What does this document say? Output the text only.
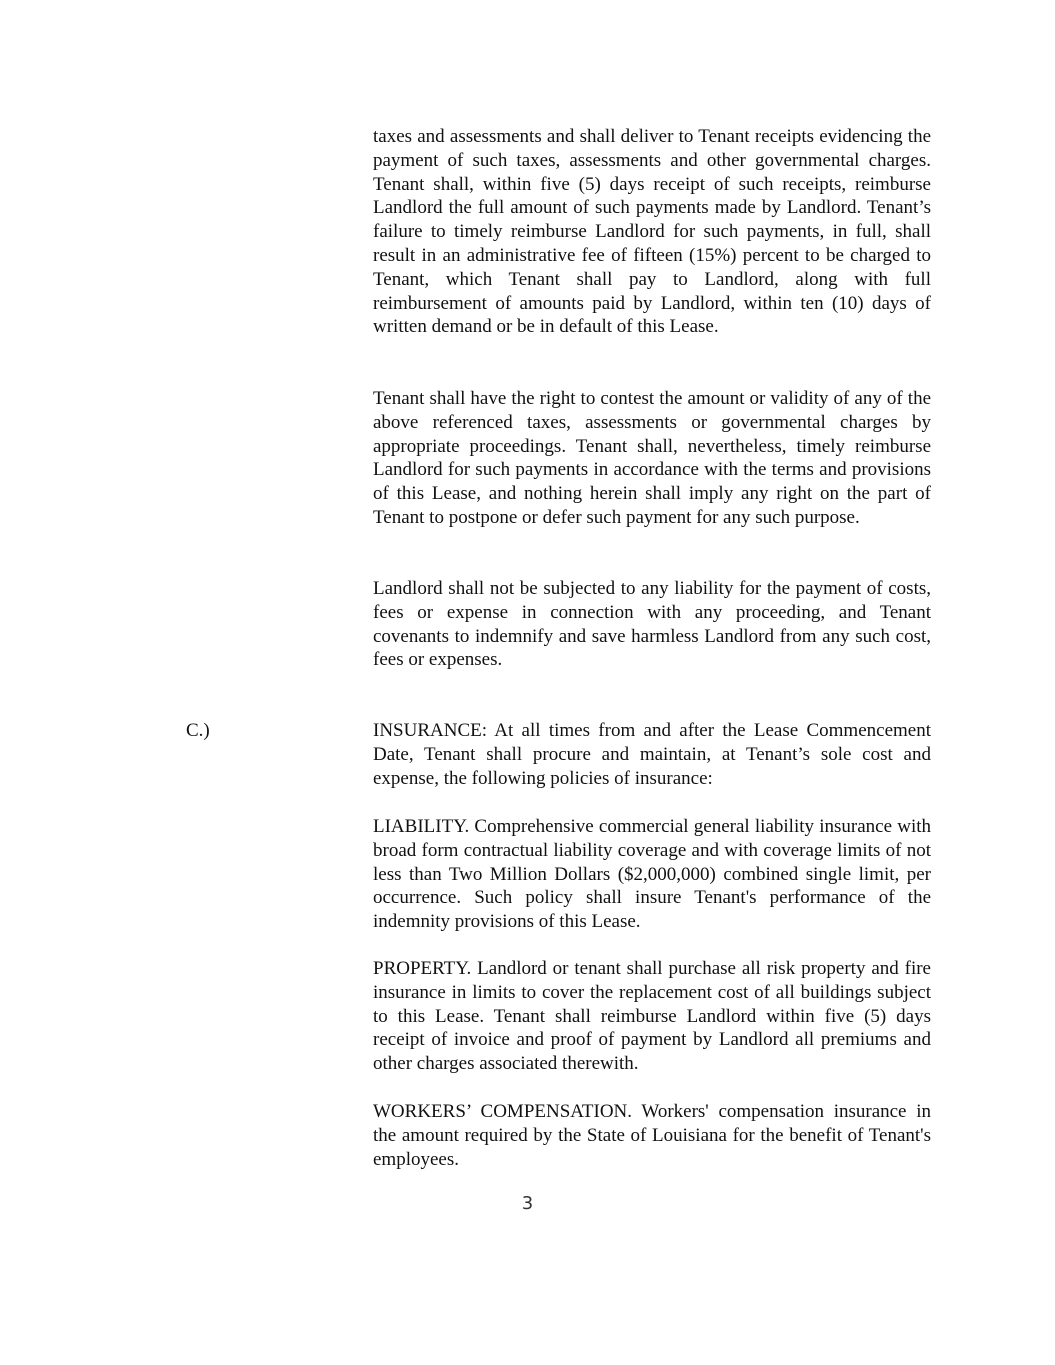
taxes and assessments and shall deliver to Tenant receipts evidencing the payment of such taxes, assessments and other governmental charges. Tenant shall, within five (5) days receipt of such receipts, reimburse Landlord the full amount of such payments made by Landlord. Tenant’s failure to timely reimburse Landlord for such payments, in full, shall result in an administrative fee of fifteen (15%) percent to be charged to Tenant, which Tenant shall pay to Landlord, along with full reimbursement of amounts paid by Landlord, within ten (10) days of written demand or be in default of this Lease.

Tenant shall have the right to contest the amount or validity of any of the above referenced taxes, assessments or governmental charges by appropriate proceedings. Tenant shall, nevertheless, timely reimburse Landlord for such payments in accordance with the terms and provisions of this Lease, and nothing herein shall imply any right on the part of Tenant to postpone or defer such payment for any such purpose.

Landlord shall not be subjected to any liability for the payment of costs, fees or expense in connection with any proceeding, and Tenant covenants to indemnify and save harmless Landlord from any such cost, fees or expenses.

C.)	INSURANCE: At all times from and after the Lease Commencement Date, Tenant shall procure and maintain, at Tenant’s sole cost and expense, the following policies of insurance:

LIABILITY. Comprehensive commercial general liability insurance with broad form contractual liability coverage and with coverage limits of not less than Two Million Dollars ($2,000,000) combined single limit, per occurrence. Such policy shall insure Tenant's performance of the indemnity provisions of this Lease.

PROPERTY. Landlord or tenant shall purchase all risk property and fire insurance in limits to cover the replacement cost of all buildings subject to this Lease. Tenant shall reimburse Landlord within five (5) days receipt of invoice and proof of payment by Landlord all premiums and other charges associated therewith.

WORKERS’ COMPENSATION. Workers' compensation insurance in the amount required by the State of Louisiana for the benefit of Tenant's employees.

3
